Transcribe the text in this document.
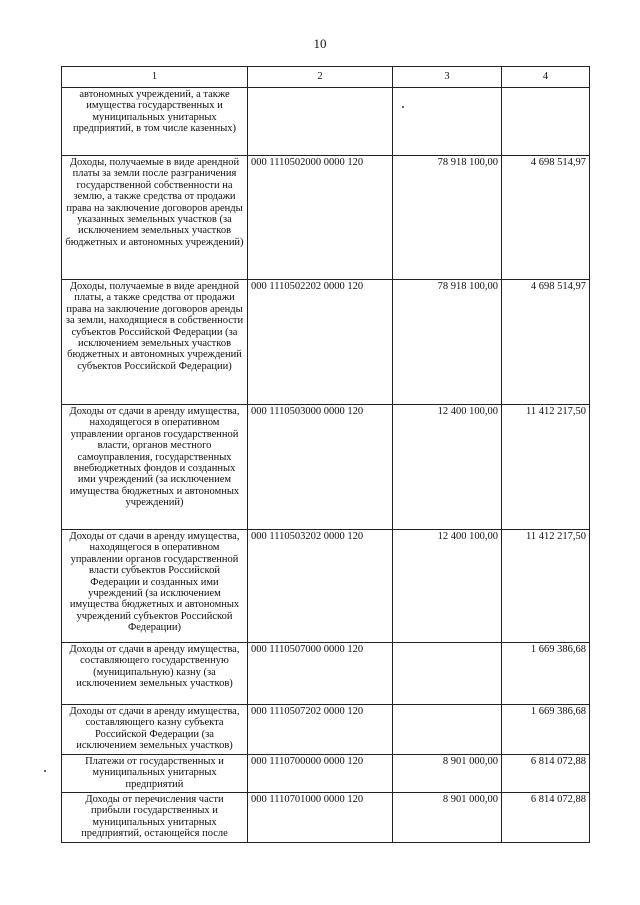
10
1	2	3	4
автономных учреждений, а также имущества государственных и муниципальных унитарных предприятий, в том числе казенных)			
Доходы, получаемые в виде арендной платы за земли после разграничения государственной собственности на землю, а также средства от продажи права на заключение договоров аренды указанных земельных участков (за исключением земельных участков бюджетных и автономных учреждений)	000 1110502000 0000 120	78 918 100,00	4 698 514,97
Доходы, получаемые в виде арендной платы, а также средства от продажи права на заключение договоров аренды за земли, находящиеся в собственности субъектов Российской Федерации (за исключением земельных участков бюджетных и автономных учреждений субъектов Российской Федерации)	000 1110502202 0000 120	78 918 100,00	4 698 514,97
Доходы от сдачи в аренду имущества, находящегося в оперативном управлении органов государственной власти, органов местного самоуправления, государственных внебюджетных фондов и созданных ими учреждений (за исключением имущества бюджетных и автономных учреждений)	000 1110503000 0000 120	12 400 100,00	11 412 217,50
Доходы от сдачи в аренду имущества, находящегося в оперативном управлении органов государственной власти субъектов Российской Федерации и созданных ими учреждений (за исключением имущества бюджетных и автономных учреждений субъектов Российской Федерации)	000 1110503202 0000 120	12 400 100,00	11 412 217,50
Доходы от сдачи в аренду имущества, составляющего государственную (муниципальную) казну (за исключением земельных участков)	000 1110507000 0000 120		1 669 386,68
Доходы от сдачи в аренду имущества, составляющего казну субъекта Российской Федерации (за исключением земельных участков)	000 1110507202 0000 120		1 669 386,68
Платежи от государственных и муниципальных унитарных предприятий	000 1110700000 0000 120	8 901 000,00	6 814 072,88
Доходы от перечисления части прибыли государственных и муниципальных унитарных предприятий, остающейся после	000 1110701000 0000 120	8 901 000,00	6 814 072,88
